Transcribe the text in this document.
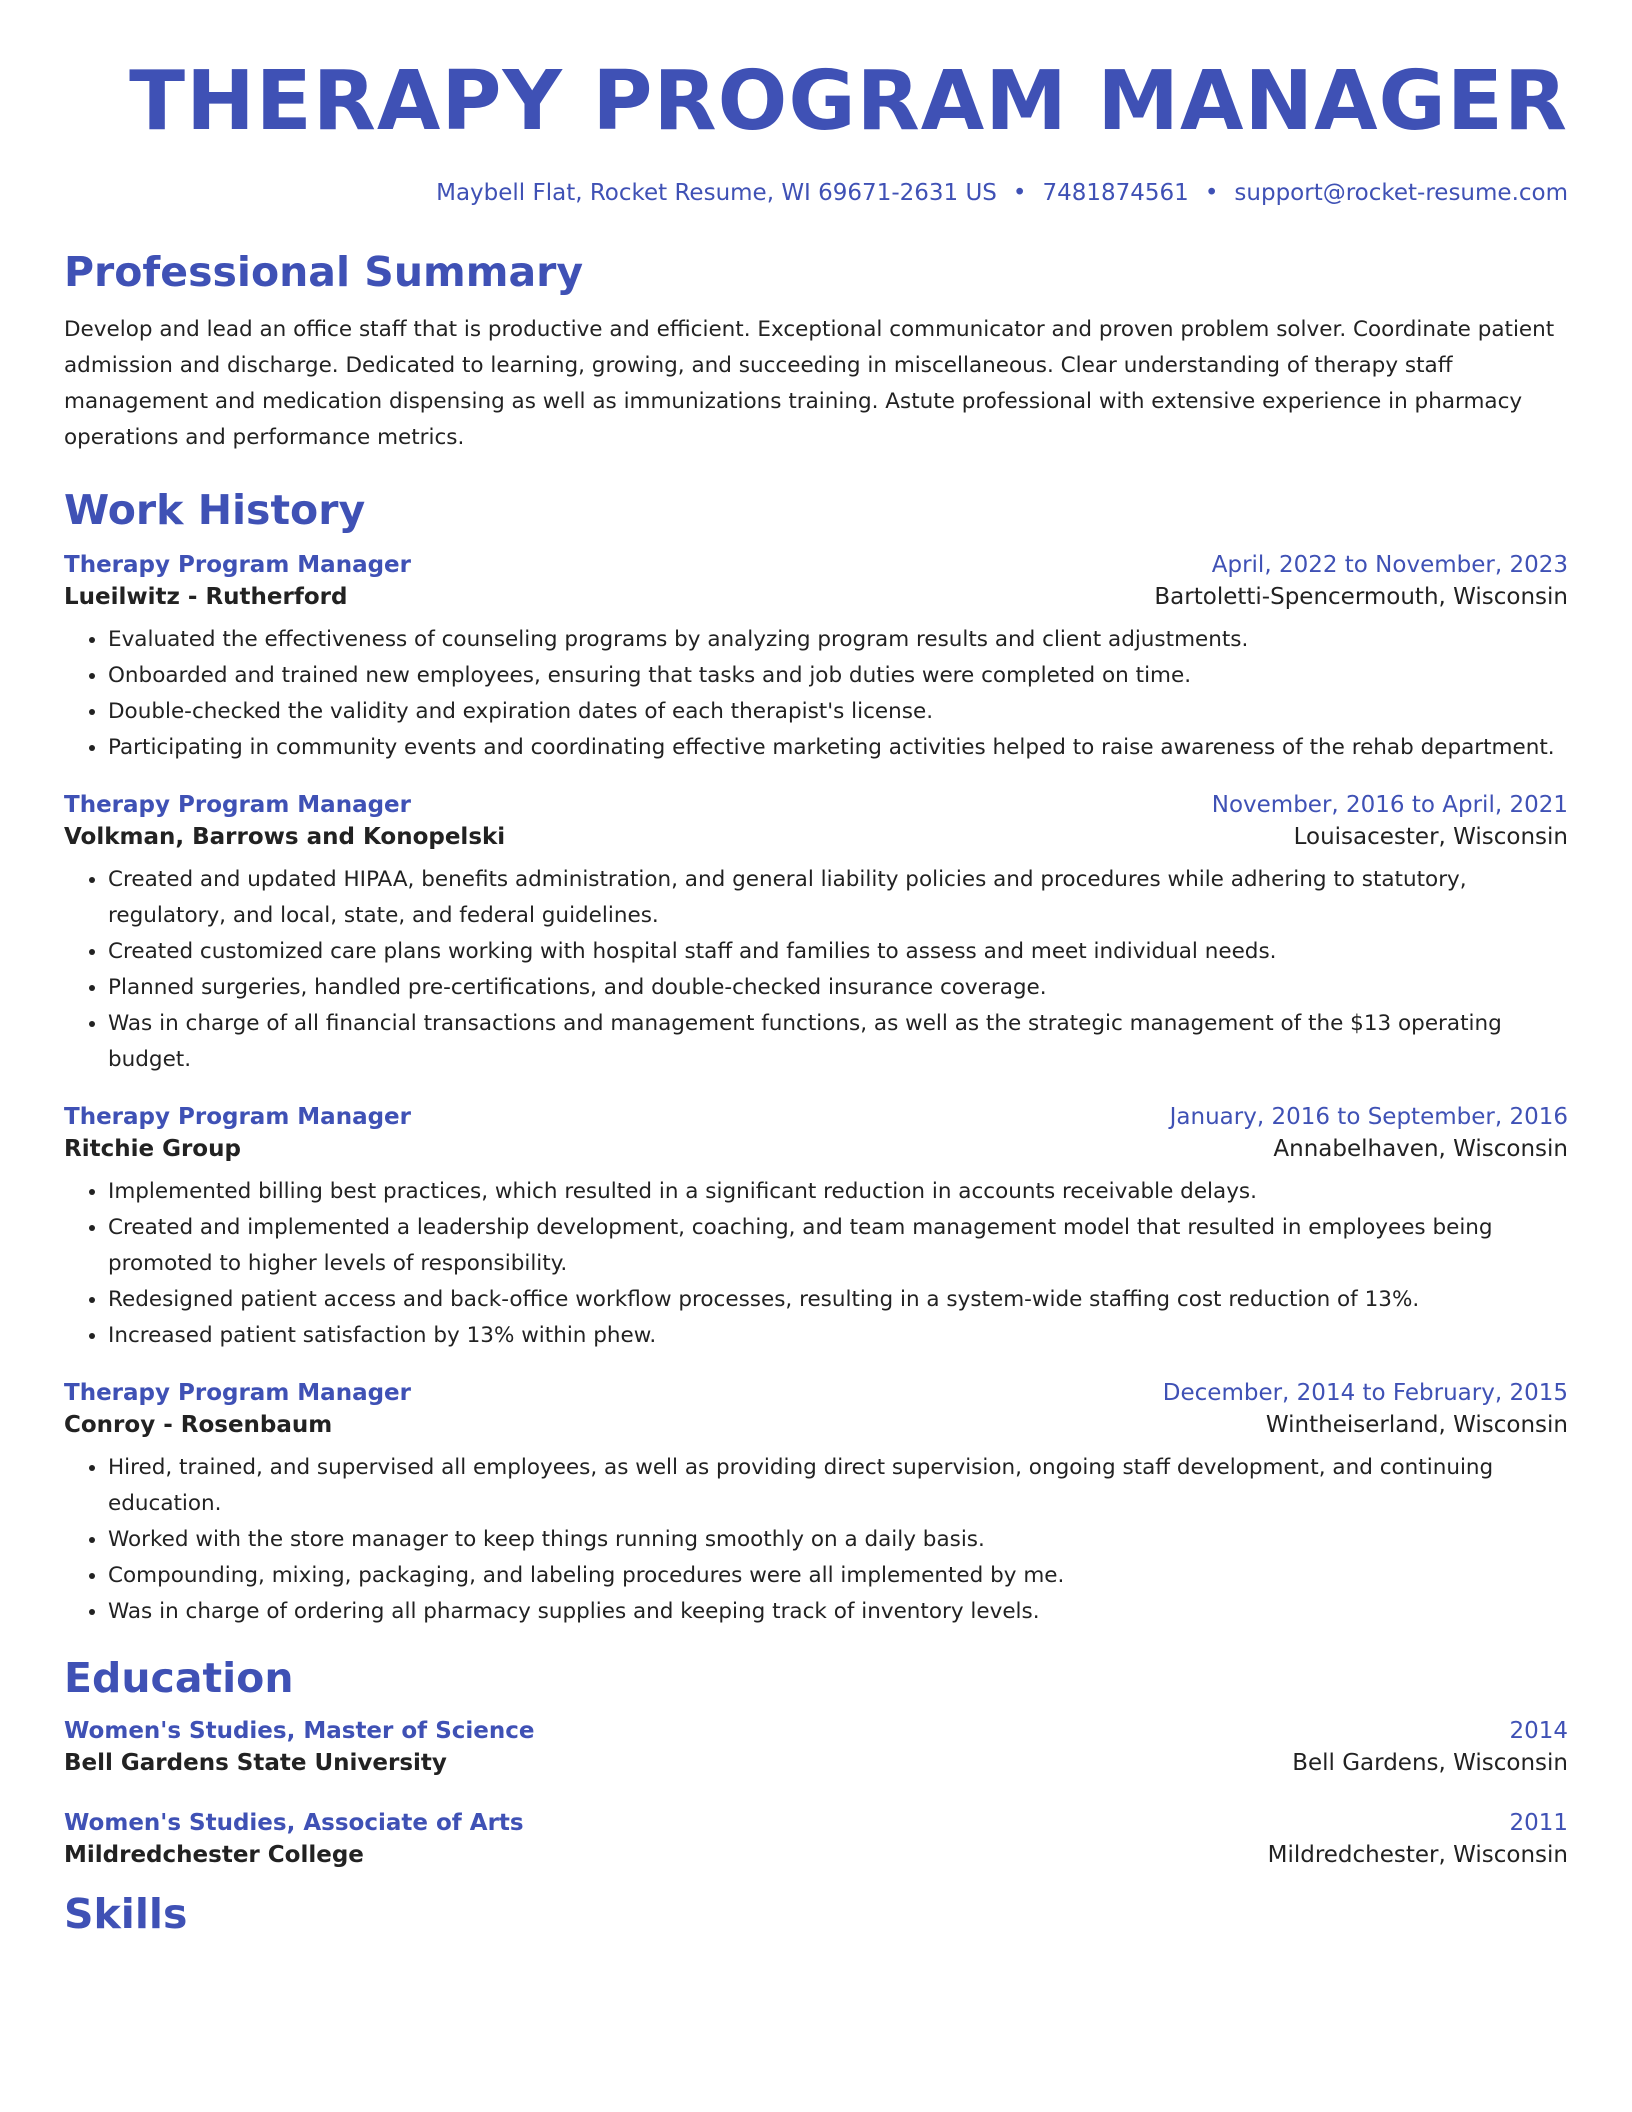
THERAPY PROGRAM MANAGER
Maybell Flat, Rocket Resume, WI 69671-2631 US • 7481874561 • support@rocket-resume.com
Professional Summary
Develop and lead an office staff that is productive and efficient. Exceptional communicator and proven problem solver. Coordinate patient admission and discharge. Dedicated to learning, growing, and succeeding in miscellaneous. Clear understanding of therapy staff management and medication dispensing as well as immunizations training. Astute professional with extensive experience in pharmacy operations and performance metrics.
Work History
Therapy Program Manager	April, 2022 to November, 2023
Lueilwitz - Rutherford	Bartoletti-Spencermouth, Wisconsin
• Evaluated the effectiveness of counseling programs by analyzing program results and client adjustments.
• Onboarded and trained new employees, ensuring that tasks and job duties were completed on time.
• Double-checked the validity and expiration dates of each therapist's license.
• Participating in community events and coordinating effective marketing activities helped to raise awareness of the rehab department.
Therapy Program Manager	November, 2016 to April, 2021
Volkman, Barrows and Konopelski	Louisacester, Wisconsin
• Created and updated HIPAA, benefits administration, and general liability policies and procedures while adhering to statutory, regulatory, and local, state, and federal guidelines.
• Created customized care plans working with hospital staff and families to assess and meet individual needs.
• Planned surgeries, handled pre-certifications, and double-checked insurance coverage.
• Was in charge of all financial transactions and management functions, as well as the strategic management of the $13 operating budget.
Therapy Program Manager	January, 2016 to September, 2016
Ritchie Group	Annabelhaven, Wisconsin
• Implemented billing best practices, which resulted in a significant reduction in accounts receivable delays.
• Created and implemented a leadership development, coaching, and team management model that resulted in employees being promoted to higher levels of responsibility.
• Redesigned patient access and back-office workflow processes, resulting in a system-wide staffing cost reduction of 13%.
• Increased patient satisfaction by 13% within phew.
Therapy Program Manager	December, 2014 to February, 2015
Conroy - Rosenbaum	Wintheiserland, Wisconsin
• Hired, trained, and supervised all employees, as well as providing direct supervision, ongoing staff development, and continuing education.
• Worked with the store manager to keep things running smoothly on a daily basis.
• Compounding, mixing, packaging, and labeling procedures were all implemented by me.
• Was in charge of ordering all pharmacy supplies and keeping track of inventory levels.
Education
Women's Studies, Master of Science	2014
Bell Gardens State University	Bell Gardens, Wisconsin
Women's Studies, Associate of Arts	2011
Mildredchester College	Mildredchester, Wisconsin
Skills
